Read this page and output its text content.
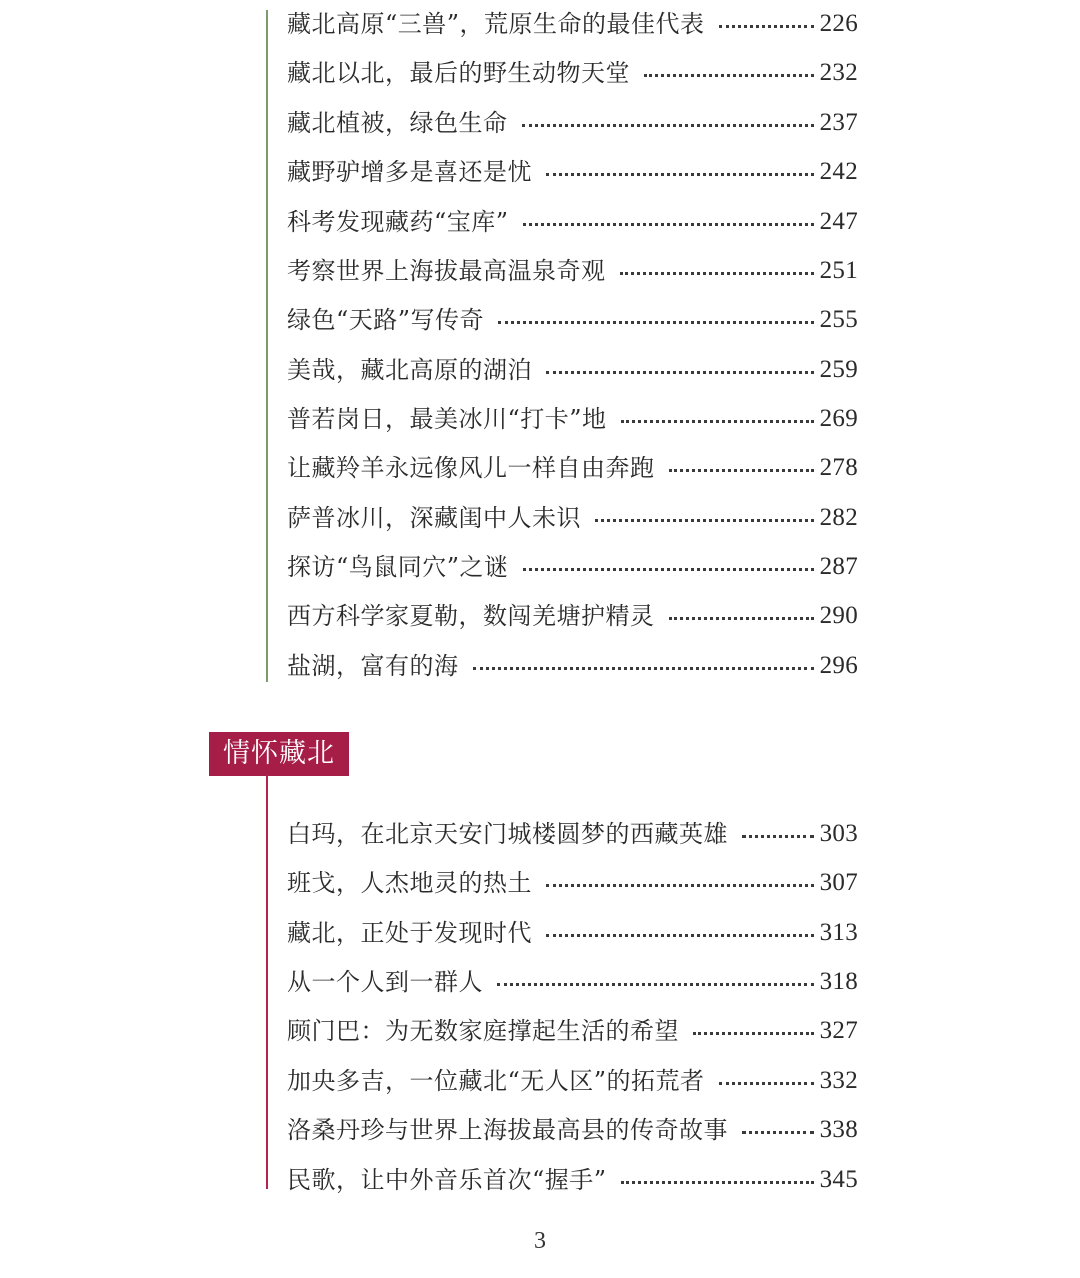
藏北高原“三兽”，荒原生命的最佳代表	226
藏北以北，最后的野生动物天堂	232
藏北植被，绿色生命	237
藏野驴增多是喜还是忧	242
科考发现藏药“宝库”	247
考察世界上海拔最高温泉奇观	251
绿色“天路”写传奇	255
美哉，藏北高原的湖泊	259
普若岗日，最美冰川“打卡”地	269
让藏羚羊永远像风儿一样自由奔跑	278
萨普冰川，深藏闺中人未识	282
探访“鸟鼠同穴”之谜	287
西方科学家夏勒，数闯羌塘护精灵	290
盐湖，富有的海	296
情怀藏北
白玛，在北京天安门城楼圆梦的西藏英雄	303
班戈，人杰地灵的热土	307
藏北，正处于发现时代	313
从一个人到一群人	318
顾门巴：为无数家庭撑起生活的希望	327
加央多吉，一位藏北“无人区”的拓荒者	332
洛桑丹珍与世界上海拔最高县的传奇故事	338
民歌，让中外音乐首次“握手”	345
3
